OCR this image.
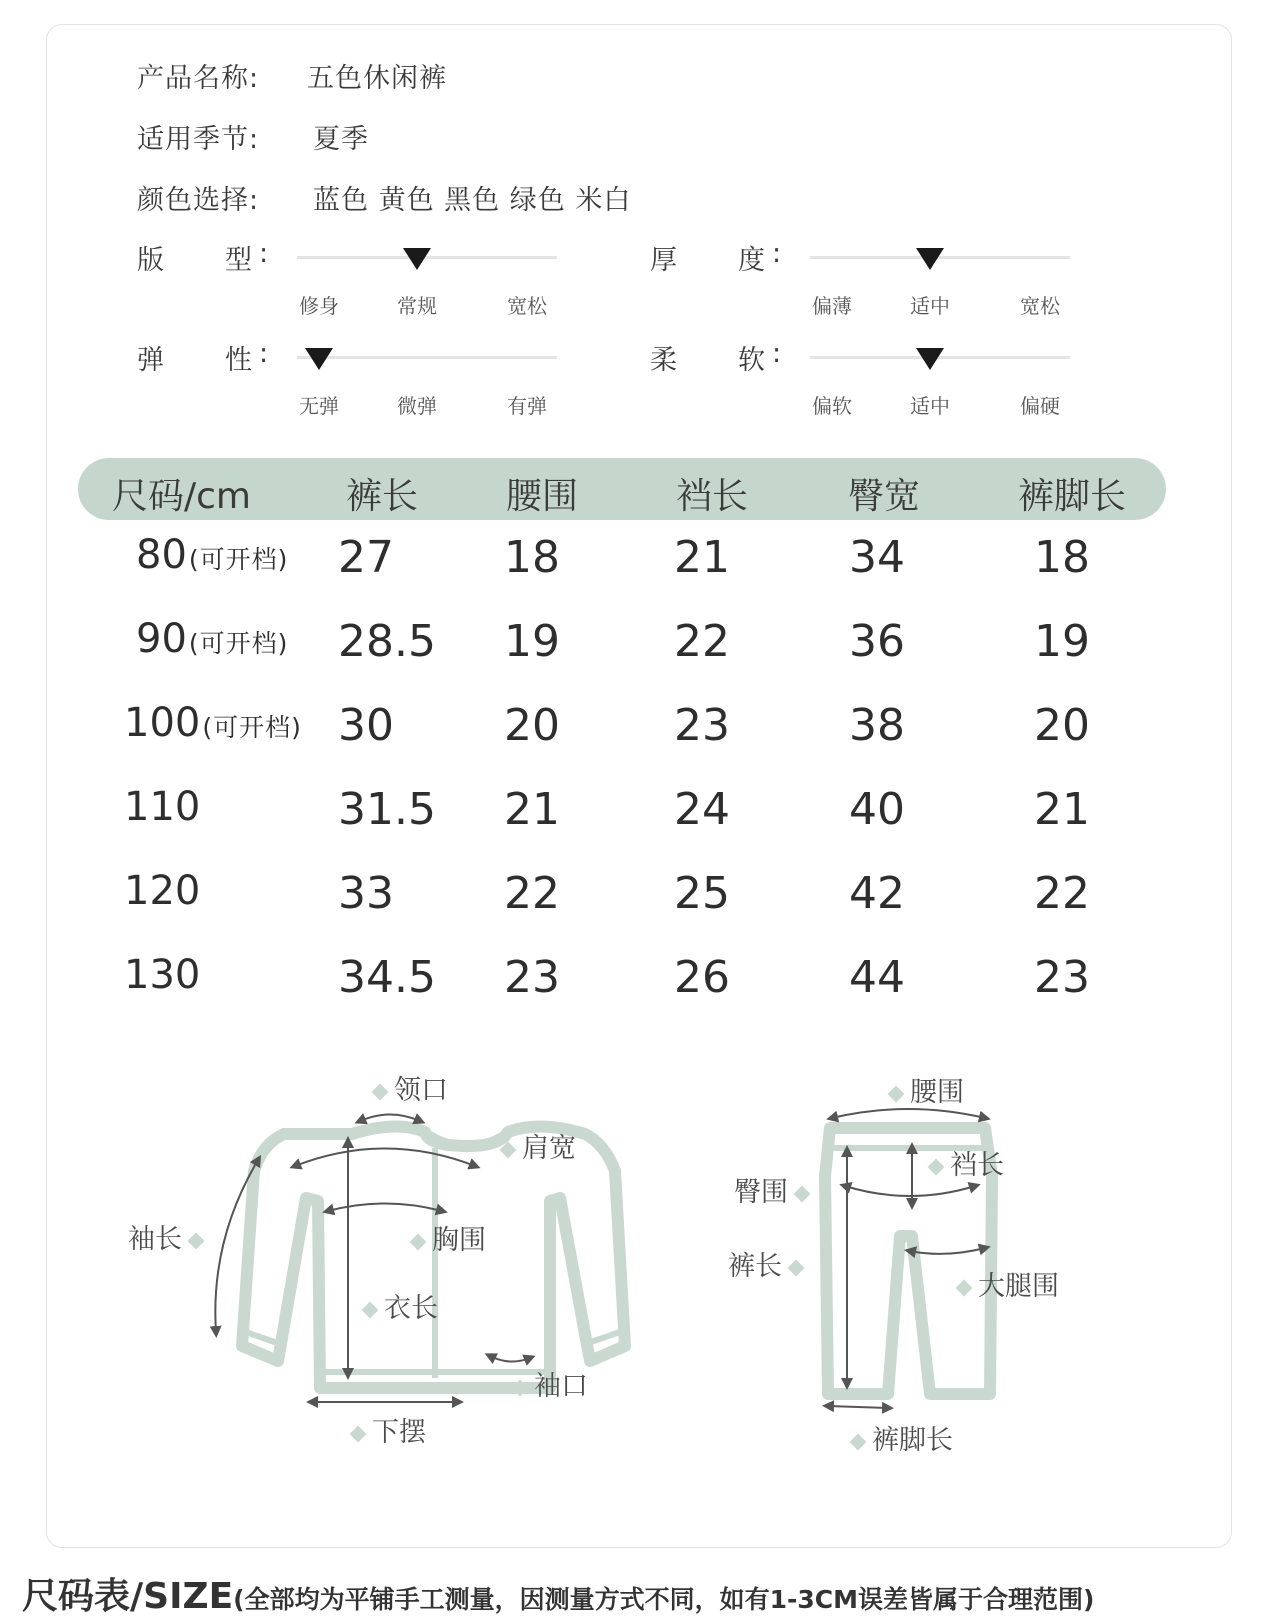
产品名称: 五色休闲裤
适用季节: 夏季
颜色选择: 蓝色 黄色 黑色 绿色 米白
版 型 :
修身	常规	宽松
厚 度 :
偏薄	适中	宽松
弹 性 :
无弹	微弹	有弹
柔 软 :
偏软	适中	偏硬
尺码/cm	裤长 腰围	裆长	臀宽	裤脚长
80(可开档) 27	18	21	34	18
90(可开档) 28.5 19	22	36	19
100(可开档) 30	20	23	38	20
110	31.5 21	24	40	21
120	33	22	25	42	22
130	34.5 23	26	44	23
领口
肩宽
袖长	胸围
衣长
袖口
下摆
腰围
裆长
臀围
裤长
大腿围
裤脚长
尺码表/SIZE(全部均为平铺手工测量，因测量方式不同，如有1-3CM误差皆属于合理范围)
